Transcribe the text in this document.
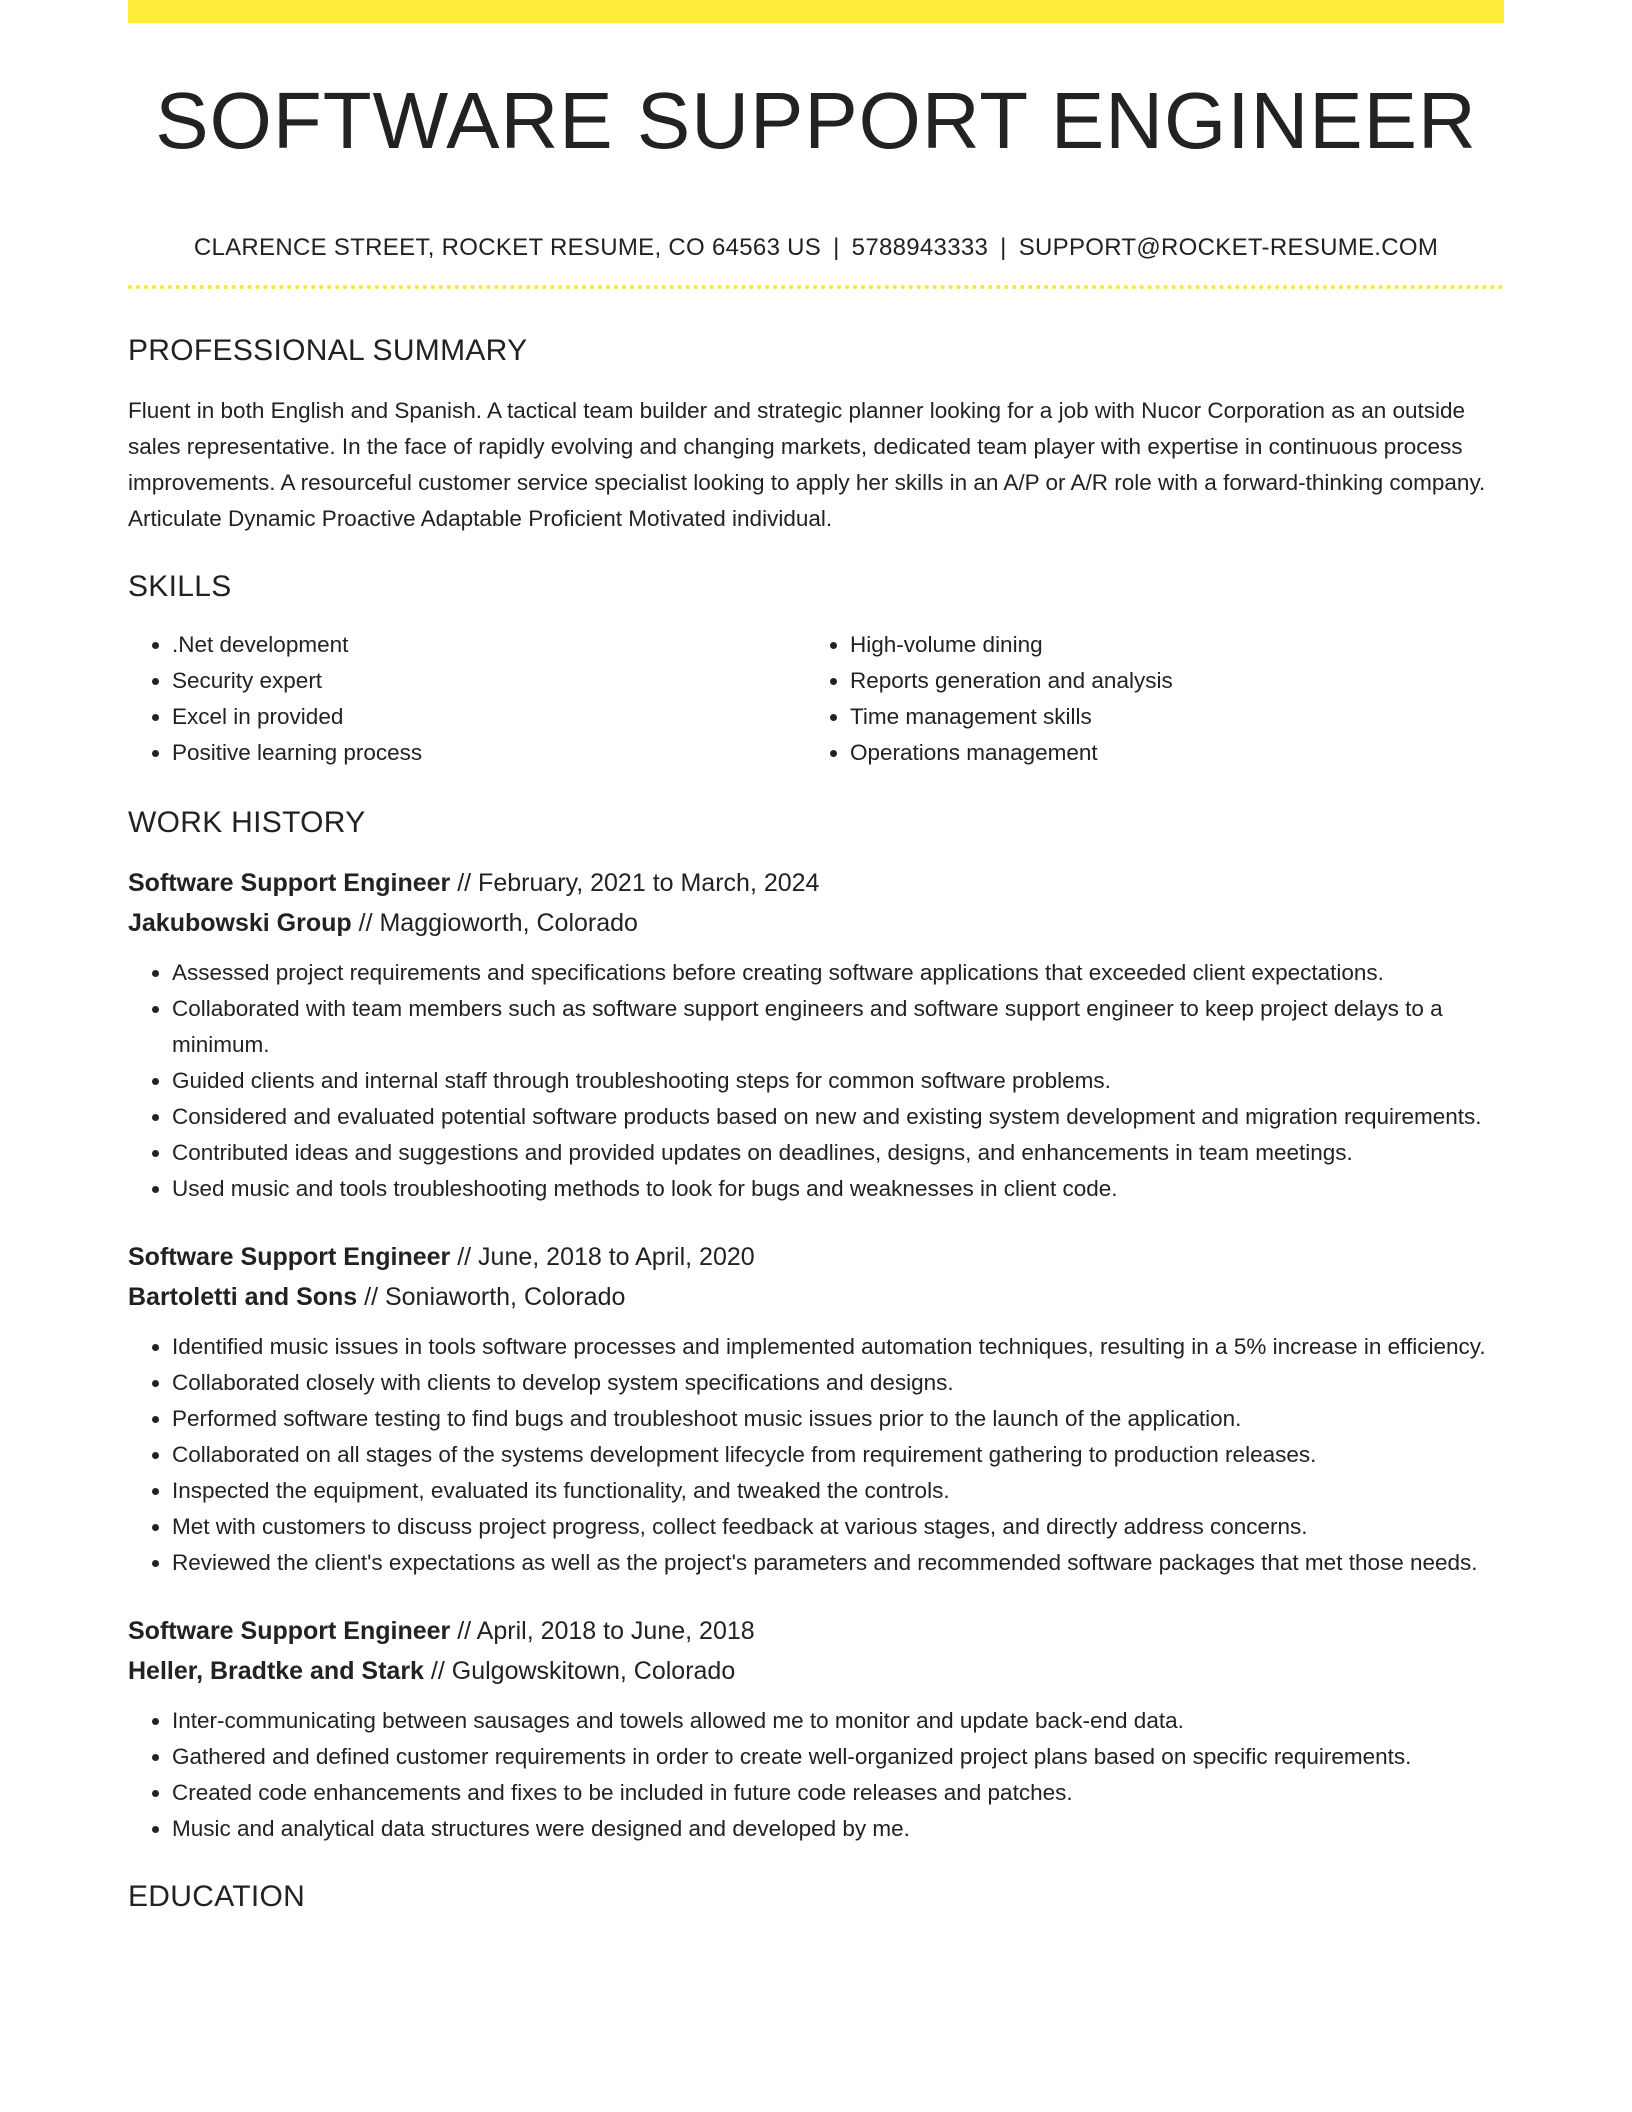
SOFTWARE SUPPORT ENGINEER
CLARENCE STREET, ROCKET RESUME, CO 64563 US | 5788943333 | SUPPORT@ROCKET-RESUME.COM
PROFESSIONAL SUMMARY
Fluent in both English and Spanish. A tactical team builder and strategic planner looking for a job with Nucor Corporation as an outside sales representative. In the face of rapidly evolving and changing markets, dedicated team player with expertise in continuous process improvements. A resourceful customer service specialist looking to apply her skills in an A/P or A/R role with a forward-thinking company. Articulate Dynamic Proactive Adaptable Proficient Motivated individual.
SKILLS
• .Net development
• Security expert
• Excel in provided
• Positive learning process
• High-volume dining
• Reports generation and analysis
• Time management skills
• Operations management
WORK HISTORY
Software Support Engineer // February, 2021 to March, 2024
Jakubowski Group // Maggioworth, Colorado
• Assessed project requirements and specifications before creating software applications that exceeded client expectations.
• Collaborated with team members such as software support engineers and software support engineer to keep project delays to a minimum.
• Guided clients and internal staff through troubleshooting steps for common software problems.
• Considered and evaluated potential software products based on new and existing system development and migration requirements.
• Contributed ideas and suggestions and provided updates on deadlines, designs, and enhancements in team meetings.
• Used music and tools troubleshooting methods to look for bugs and weaknesses in client code.
Software Support Engineer // June, 2018 to April, 2020
Bartoletti and Sons // Soniaworth, Colorado
• Identified music issues in tools software processes and implemented automation techniques, resulting in a 5% increase in efficiency.
• Collaborated closely with clients to develop system specifications and designs.
• Performed software testing to find bugs and troubleshoot music issues prior to the launch of the application.
• Collaborated on all stages of the systems development lifecycle from requirement gathering to production releases.
• Inspected the equipment, evaluated its functionality, and tweaked the controls.
• Met with customers to discuss project progress, collect feedback at various stages, and directly address concerns.
• Reviewed the client's expectations as well as the project's parameters and recommended software packages that met those needs.
Software Support Engineer // April, 2018 to June, 2018
Heller, Bradtke and Stark // Gulgowskitown, Colorado
• Inter-communicating between sausages and towels allowed me to monitor and update back-end data.
• Gathered and defined customer requirements in order to create well-organized project plans based on specific requirements.
• Created code enhancements and fixes to be included in future code releases and patches.
• Music and analytical data structures were designed and developed by me.
EDUCATION
